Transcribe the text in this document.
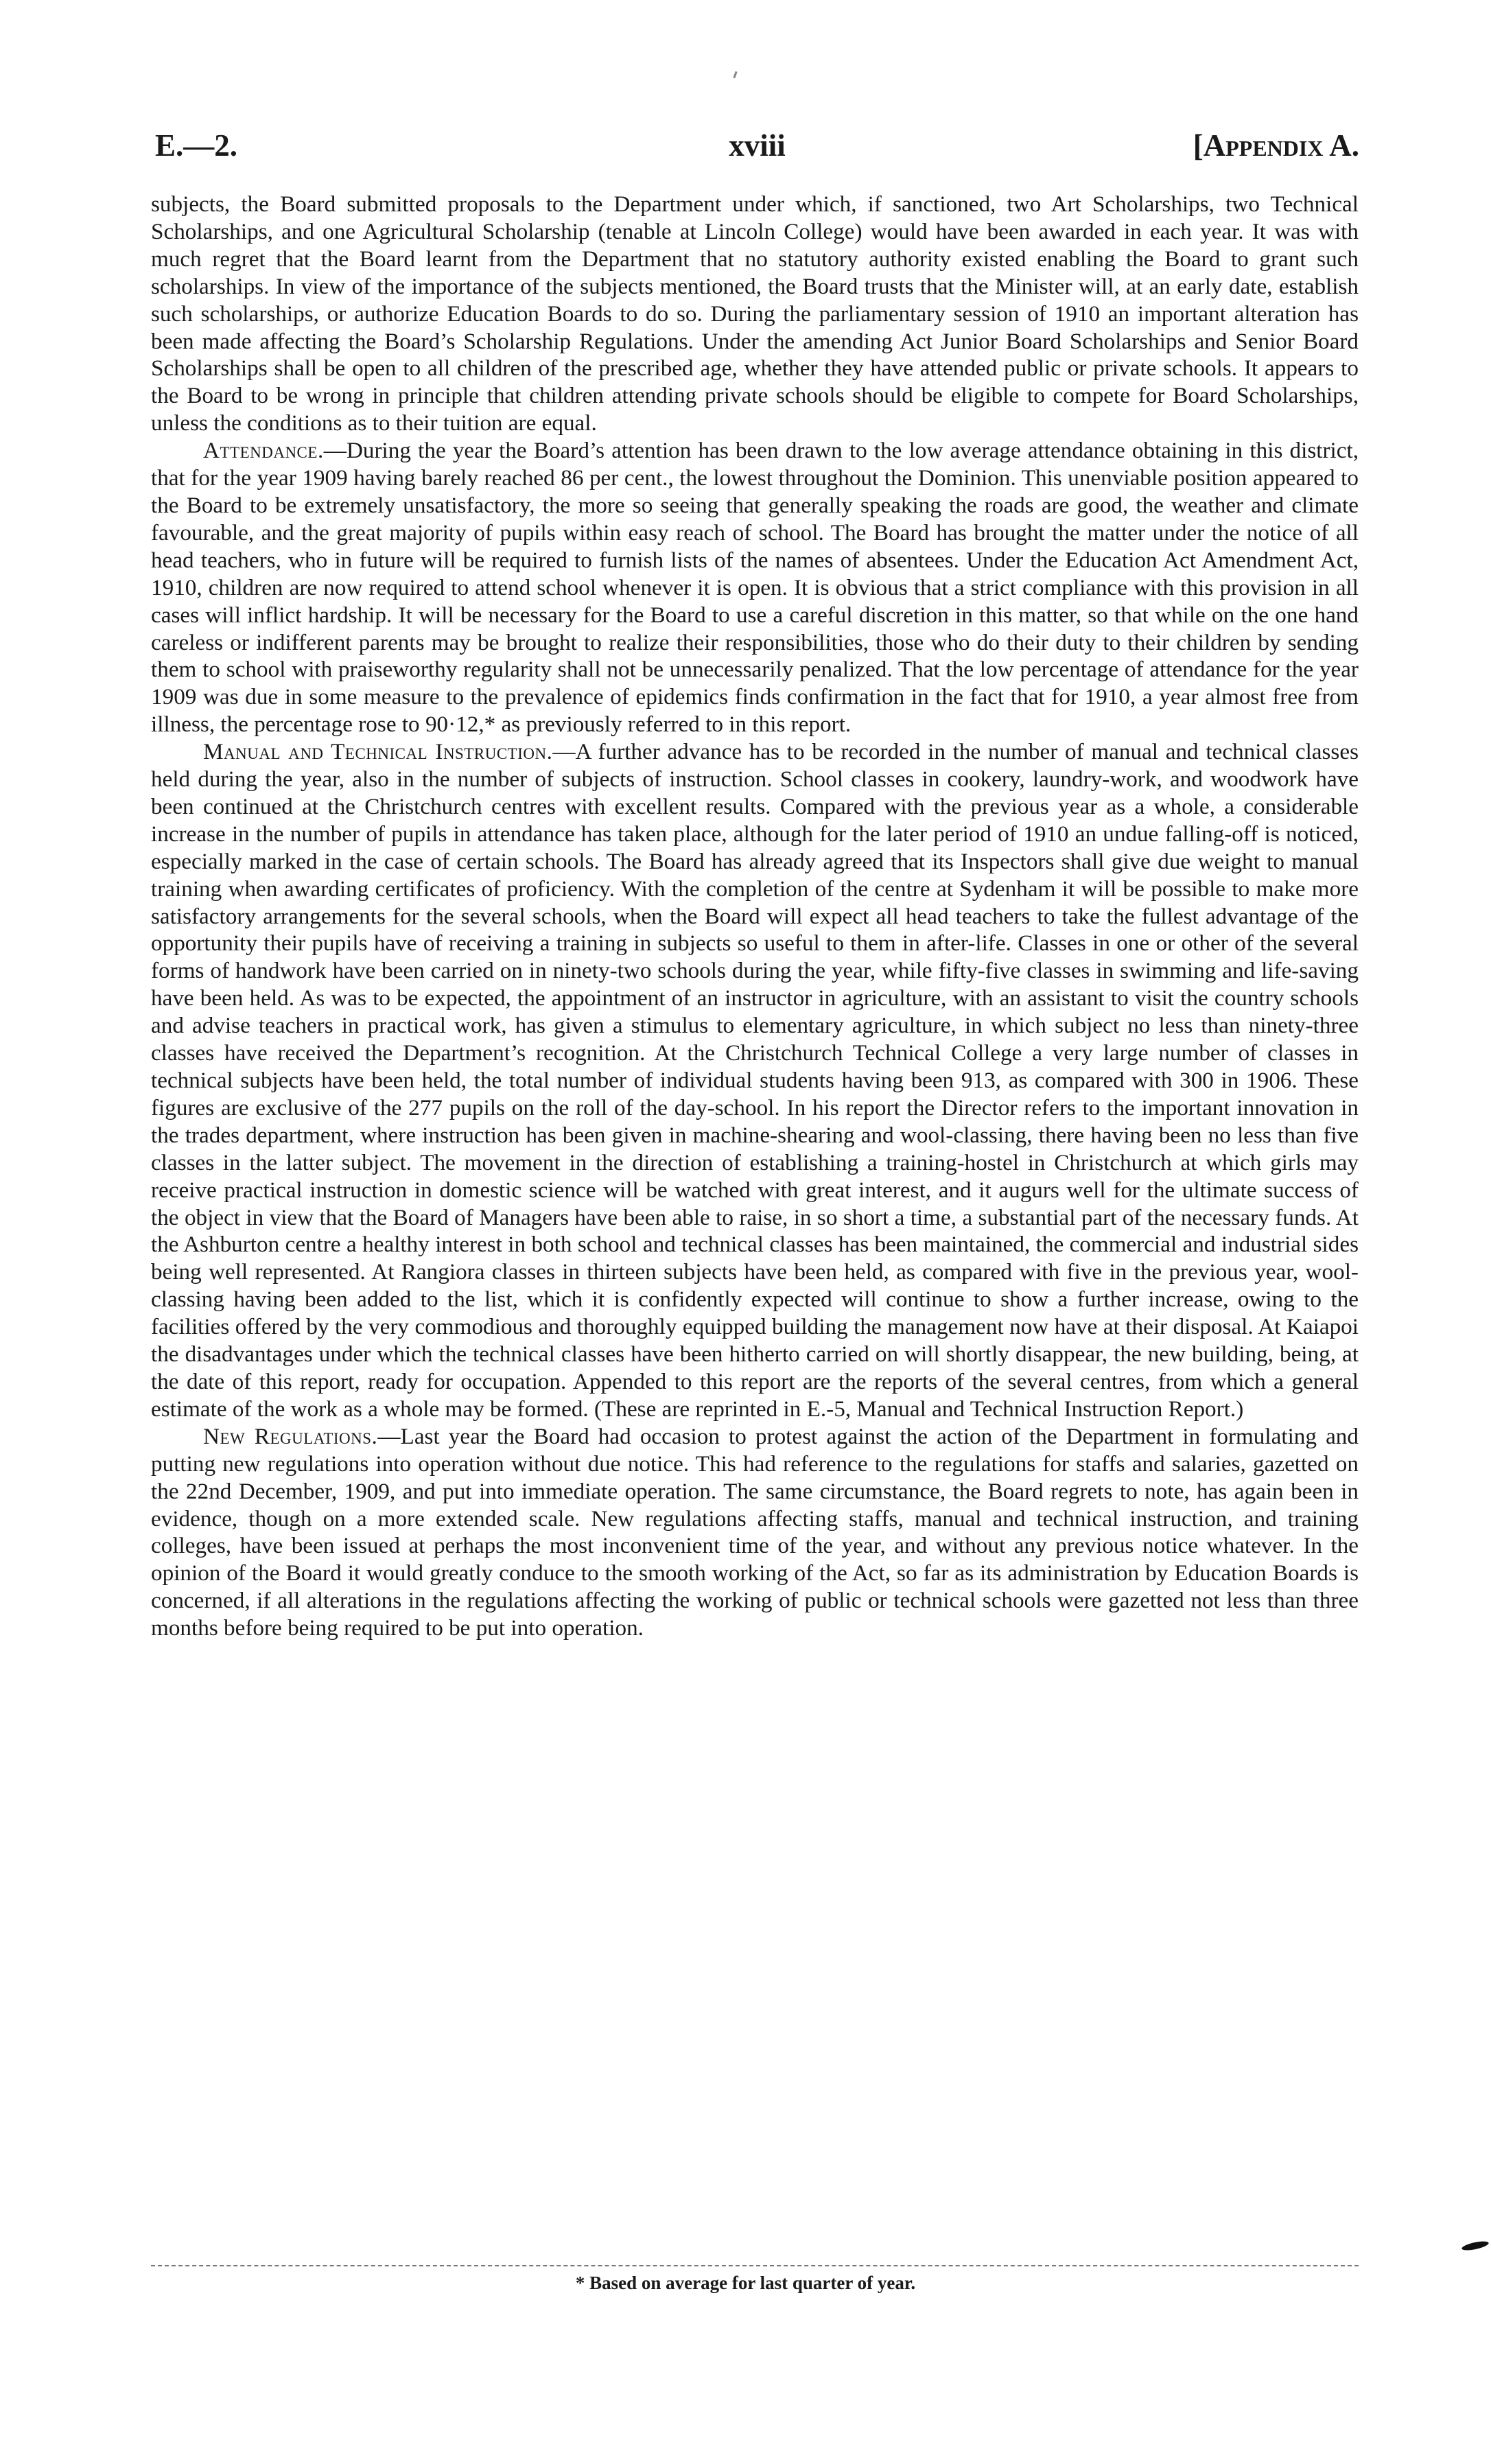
E.—2.	xviii	[Appendix A.

subjects, the Board submitted proposals to the Department under which, if sanctioned, two Art Scholarships, two Technical Scholarships, and one Agricultural Scholarship (tenable at Lincoln College) would have been awarded in each year. It was with much regret that the Board learnt from the Department that no statutory authority existed enabling the Board to grant such scholarships. In view of the importance of the subjects mentioned, the Board trusts that the Minister will, at an early date, establish such scholarships, or authorize Education Boards to do so. During the parliamentary session of 1910 an important alteration has been made affecting the Board’s Scholarship Regulations. Under the amending Act Junior Board Scholarships and Senior Board Scholarships shall be open to all children of the prescribed age, whether they have attended public or private schools. It appears to the Board to be wrong in principle that children attending private schools should be eligible to compete for Board Scholarships, unless the conditions as to their tuition are equal.

Attendance.—During the year the Board’s attention has been drawn to the low average attendance obtaining in this district, that for the year 1909 having barely reached 86 per cent., the lowest throughout the Dominion. This unenviable position appeared to the Board to be extremely unsatisfactory, the more so seeing that generally speaking the roads are good, the weather and climate favourable, and the great majority of pupils within easy reach of school. The Board has brought the matter under the notice of all head teachers, who in future will be required to furnish lists of the names of absentees. Under the Education Act Amendment Act, 1910, children are now required to attend school whenever it is open. It is obvious that a strict compliance with this provision in all cases will inflict hardship. It will be necessary for the Board to use a careful discretion in this matter, so that while on the one hand careless or indifferent parents may be brought to realize their responsibilities, those who do their duty to their children by sending them to school with praiseworthy regularity shall not be unnecessarily penalized. That the low percentage of attendance for the year 1909 was due in some measure to the prevalence of epidemics finds confirmation in the fact that for 1910, a year almost free from illness, the percentage rose to 90·12,* as previously referred to in this report.

Manual and Technical Instruction.—A further advance has to be recorded in the number of manual and technical classes held during the year, also in the number of subjects of instruction. School classes in cookery, laundry-work, and woodwork have been continued at the Christchurch centres with excellent results. Compared with the previous year as a whole, a considerable increase in the number of pupils in attendance has taken place, although for the later period of 1910 an undue falling-off is noticed, especially marked in the case of certain schools. The Board has already agreed that its Inspectors shall give due weight to manual training when awarding certificates of proficiency. With the completion of the centre at Sydenham it will be possible to make more satisfactory arrangements for the several schools, when the Board will expect all head teachers to take the fullest advantage of the opportunity their pupils have of receiving a training in subjects so useful to them in after-life. Classes in one or other of the several forms of handwork have been carried on in ninety-two schools during the year, while fifty-five classes in swimming and life-saving have been held. As was to be expected, the appointment of an instructor in agriculture, with an assistant to visit the country schools and advise teachers in practical work, has given a stimulus to elementary agriculture, in which subject no less than ninety-three classes have received the Department’s recognition. At the Christchurch Technical College a very large number of classes in technical subjects have been held, the total number of individual students having been 913, as compared with 300 in 1906. These figures are exclusive of the 277 pupils on the roll of the day-school. In his report the Director refers to the important innovation in the trades department, where instruction has been given in machine-shearing and wool-classing, there having been no less than five classes in the latter subject. The movement in the direction of establishing a training-hostel in Christchurch at which girls may receive practical instruction in domestic science will be watched with great interest, and it augurs well for the ultimate success of the object in view that the Board of Managers have been able to raise, in so short a time, a substantial part of the necessary funds. At the Ashburton centre a healthy interest in both school and technical classes has been maintained, the commercial and industrial sides being well represented. At Rangiora classes in thirteen subjects have been held, as compared with five in the previous year, wool-classing having been added to the list, which it is confidently expected will continue to show a further increase, owing to the facilities offered by the very commodious and thoroughly equipped building the management now have at their disposal. At Kaiapoi the disadvantages under which the technical classes have been hitherto carried on will shortly disappear, the new building, being, at the date of this report, ready for occupation. Appended to this report are the reports of the several centres, from which a general estimate of the work as a whole may be formed. (These are reprinted in E.-5, Manual and Technical Instruction Report.)

New Regulations.—Last year the Board had occasion to protest against the action of the Department in formulating and putting new regulations into operation without due notice. This had reference to the regulations for staffs and salaries, gazetted on the 22nd December, 1909, and put into immediate operation. The same circumstance, the Board regrets to note, has again been in evidence, though on a more extended scale. New regulations affecting staffs, manual and technical instruction, and training colleges, have been issued at perhaps the most inconvenient time of the year, and without any previous notice whatever. In the opinion of the Board it would greatly conduce to the smooth working of the Act, so far as its administration by Education Boards is concerned, if all alterations in the regulations affecting the working of public or technical schools were gazetted not less than three months before being required to be put into operation.

* Based on average for last quarter of year.
